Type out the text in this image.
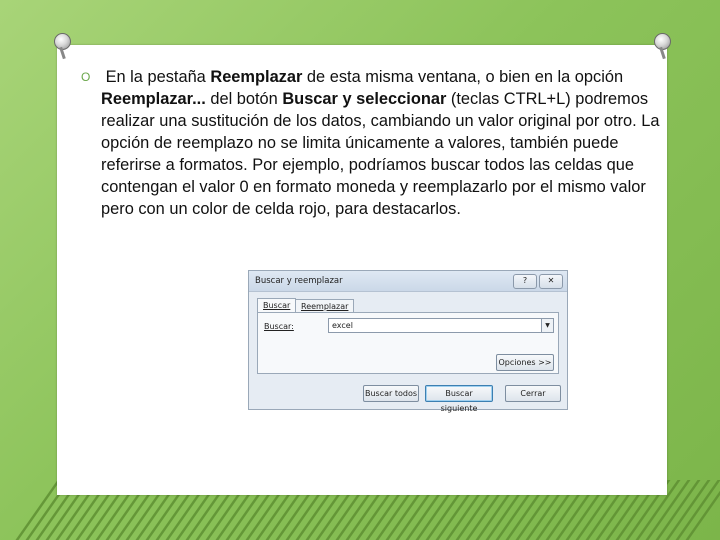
O En la pestaña Reemplazar de esta misma ventana, o bien en la opción Reemplazar... del botón Buscar y seleccionar (teclas CTRL+L) podremos realizar una sustitución de los datos, cambiando un valor original por otro. La opción de reemplazo no se limita únicamente a valores, también puede referirse a formatos. Por ejemplo, podríamos buscar todos las celdas que contengan el valor 0 en formato moneda y reemplazarlo por el mismo valor pero con un color de celda rojo, para destacarlos.
Buscar y reemplazar	?	✕
Buscar	Reemplazar
Buscar:	excel	▼
Opciones >>
Buscar todos	Buscar siguiente
Cerrar
